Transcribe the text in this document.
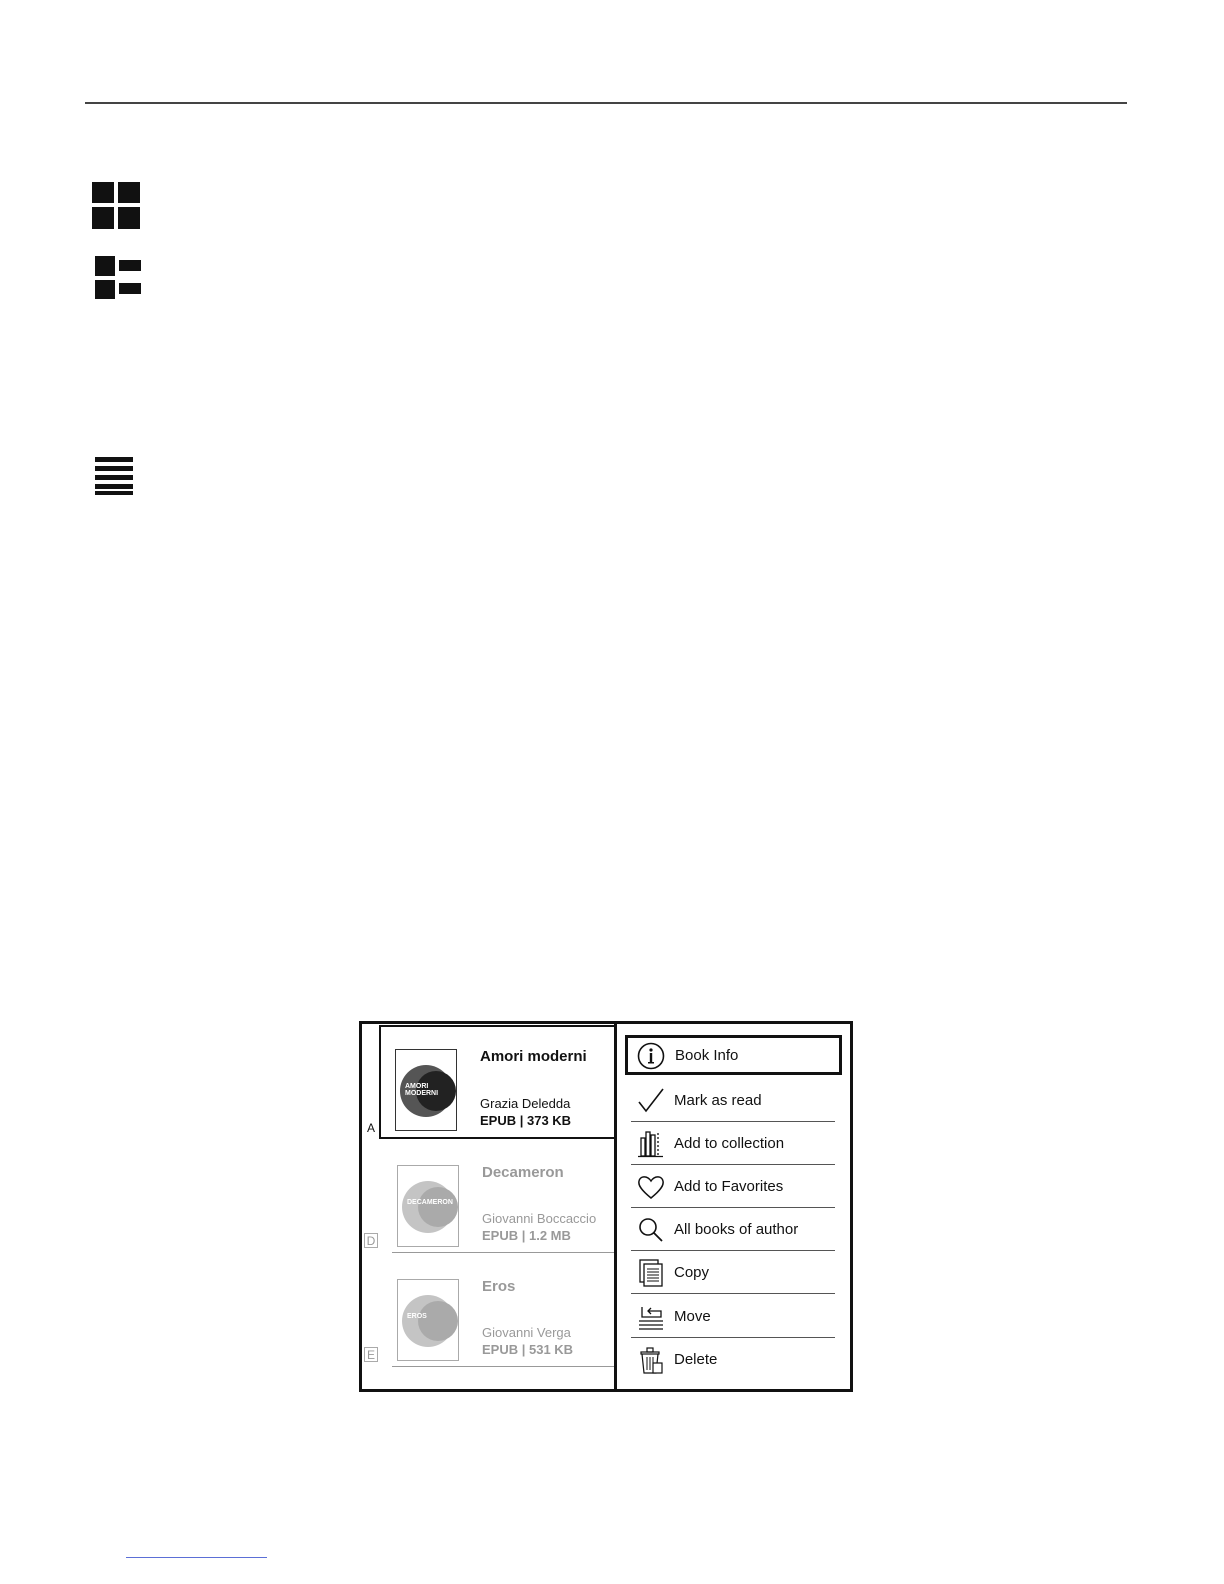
AMORI
MODERNI
Amori moderni
Grazia Deledda
EPUB | 373 KB
A
DECAMERON
Decameron
Giovanni Boccaccio
EPUB | 1.2 MB
D
EROS
Eros
Giovanni Verga
EPUB | 531 KB
E
Book Info
Mark as read
Add to collection
Add to Favorites
All books of author
Copy
Move
Delete
